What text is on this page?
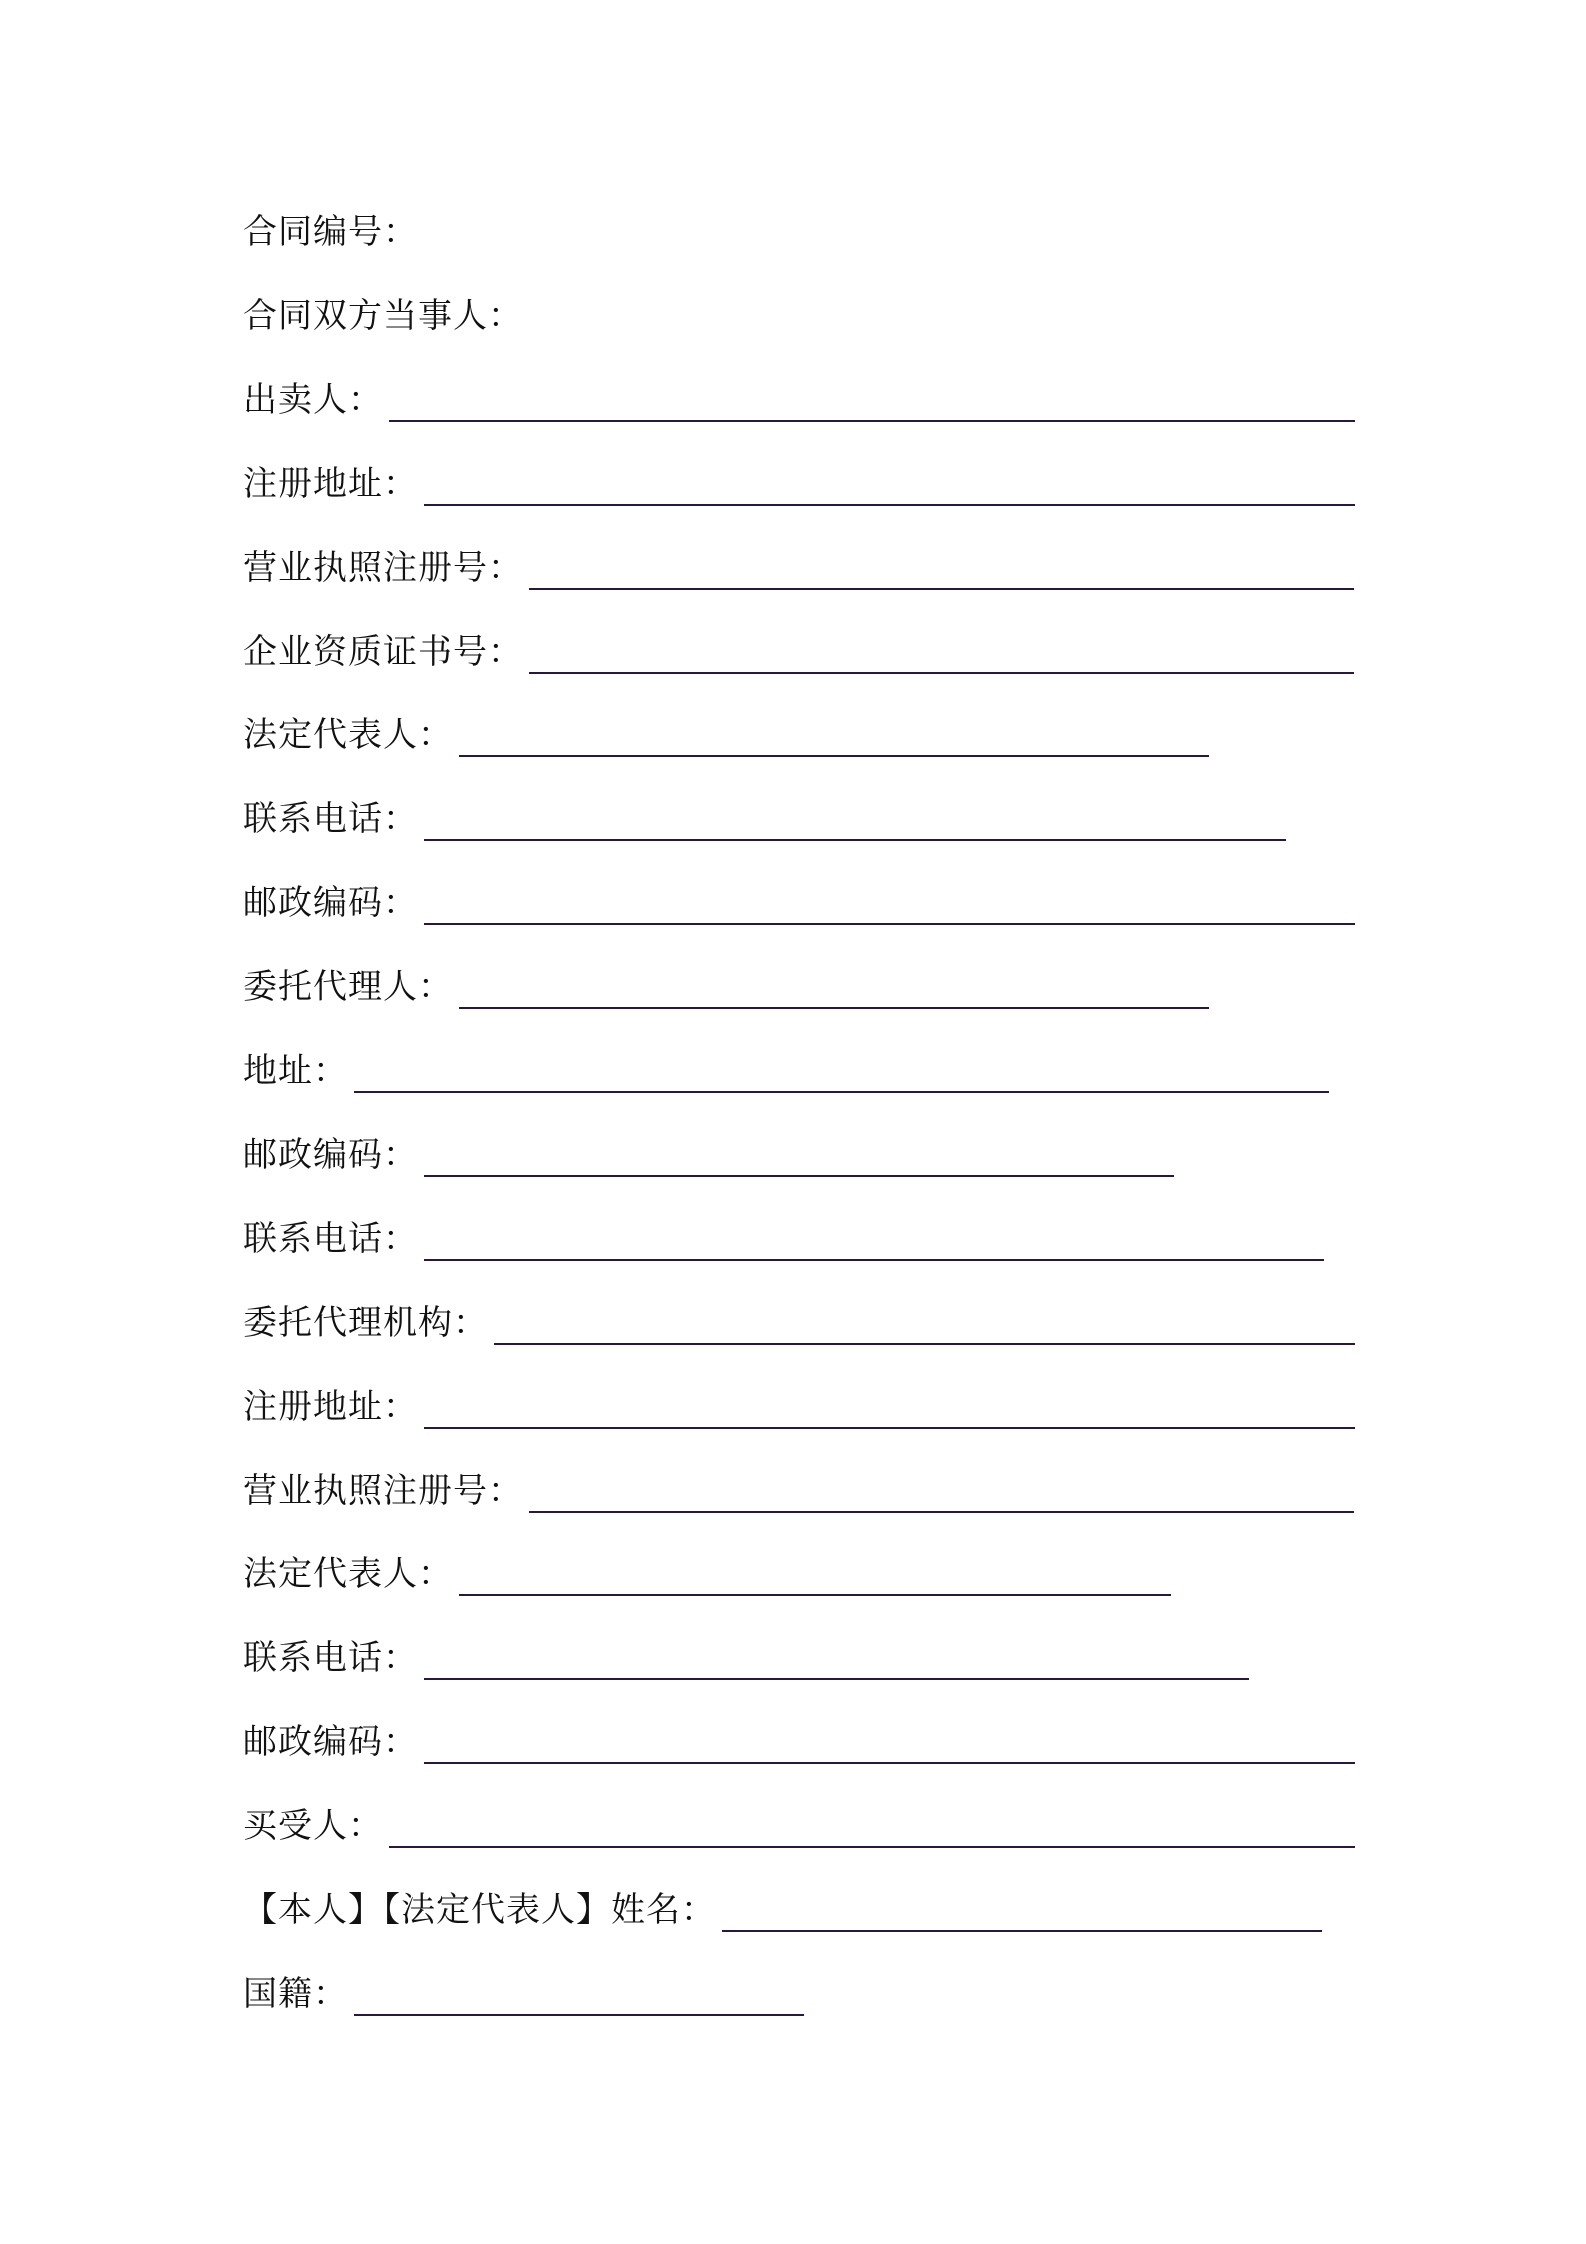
合同编号：
合同双方当事人：
出卖人：
注册地址：
营业执照注册号：
企业资质证书号：
法定代表人：
联系电话：
邮政编码：
委托代理人：
地址：
邮政编码：
联系电话：
委托代理机构：
注册地址：
营业执照注册号：
法定代表人：
联系电话：
邮政编码：
买受人：
【本人】【法定代表人】姓名：
国籍：
